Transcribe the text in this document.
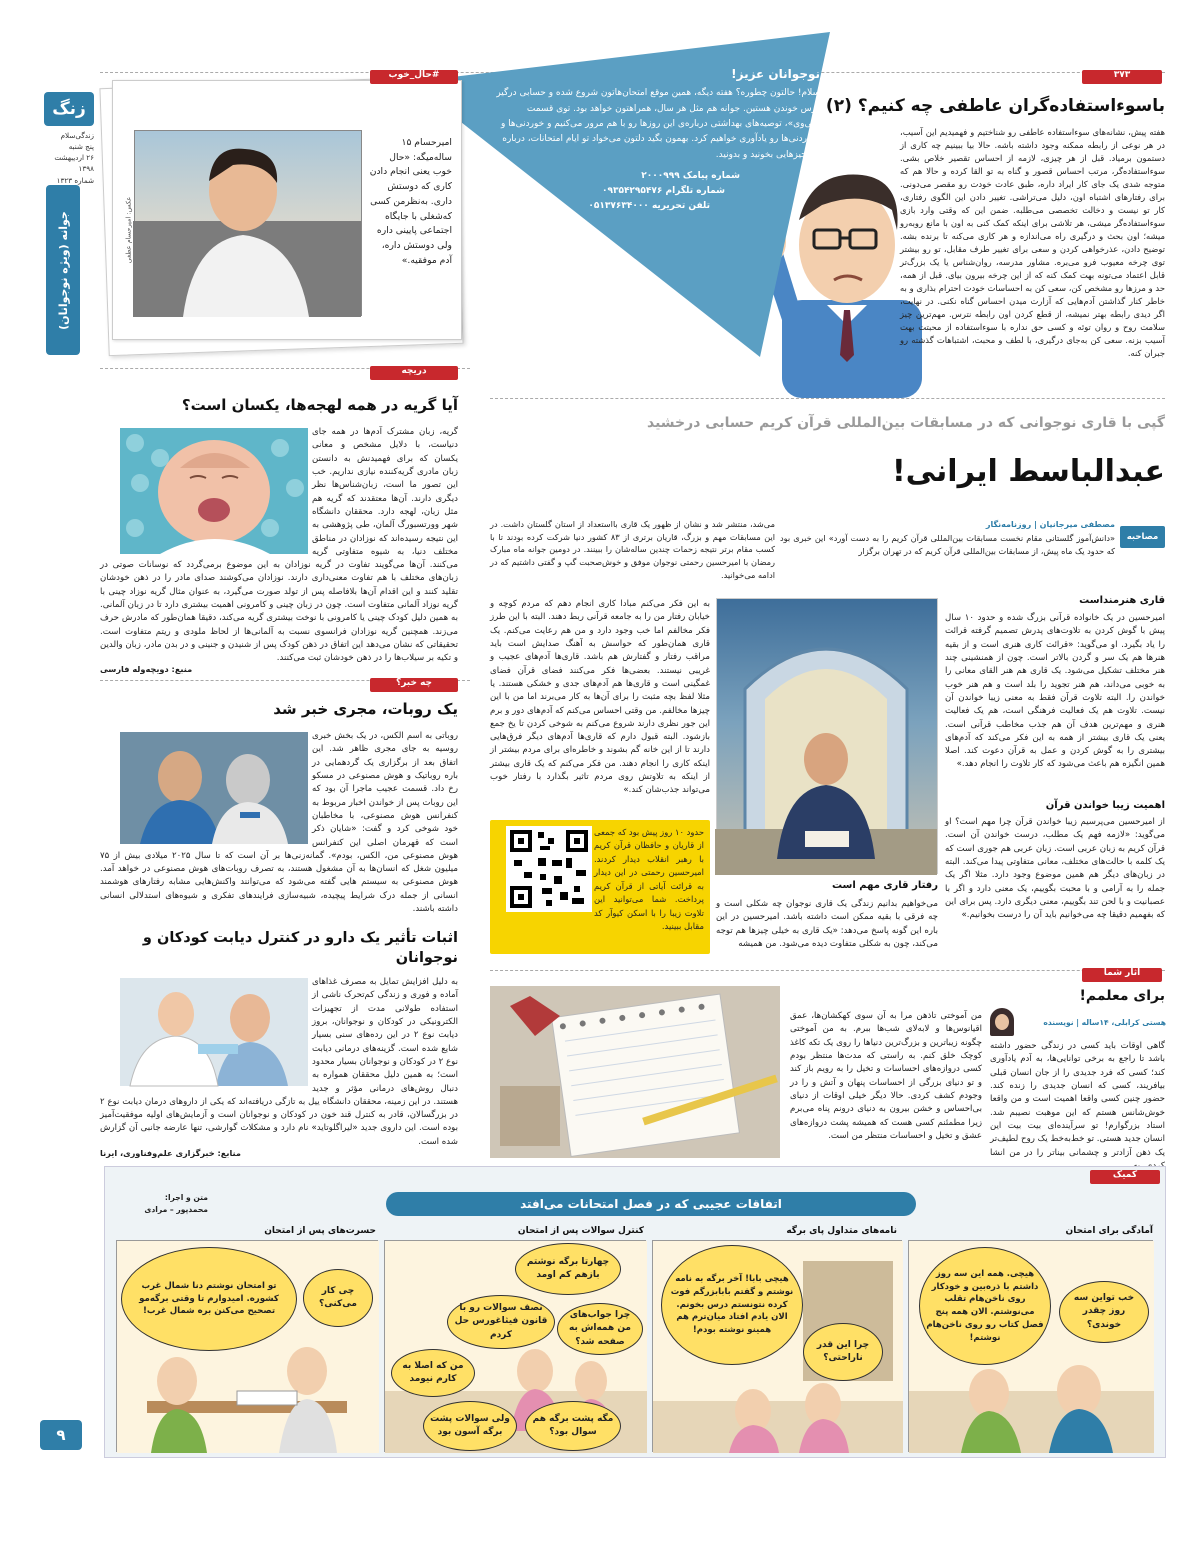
زنگ
زندگی‌سلام
پنج شنبه
۲۶ اردیبهشت ۱۳۹۸
شماره ۱۳۲۳
جوانه (ویژه نوجوانان)
۹
۳۷۳
باسوءاستفاده‌گران عاطفی چه کنیم؟ (۲)
هفته پیش، نشانه‌های سوءاستفاده عاطفی رو شناختیم و فهمیدیم این آسیب، در هر نوعی از رابطه ممکنه وجود داشته باشه. حالا بیا ببینیم چه کاری از دستمون برمیاد. قبل از هر چیزی، لازمه از احساس تقصیر خلاص بشی. سوءاستفاده‌گر، مرتب احساس قصور و گناه به تو القا کرده و حالا هم که متوجه شدی یک جای کار ایراد داره، طبق عادت خودت رو مقصر می‌دونی. برای رفتارهای اشتباه اون، دلیل می‌تراشی. تغییر دادن این الگوی رفتاری، کار تو نیست و دخالت تخصصی می‌طلبه. ضمن این که وقتی وارد بازی سوءاستفاده‌گر میشی، هر تلاشی برای اینکه کمک کنی به اون با مانع روبه‌رو میشه؛ اون بحث و درگیری راه می‌اندازه و هر کاری می‌کنه تا برنده بشه. توضیح دادن، عذرخواهی کردن و سعی برای تغییر طرف مقابل، تو رو بیشتر توی چرخه معیوب فرو می‌بره. مشاور مدرسه، روان‌شناس یا یک بزرگ‌تر قابل اعتماد می‌تونه بهت کمک کنه که از این چرخه بیرون بیای. قبل از همه، حد و مرزها رو مشخص کن، سعی کن به احساسات خودت احترام بذاری و به خاطر کنار گذاشتن آدم‌هایی که آزارت میدن احساس گناه نکنی. در نهایت، اگر دیدی رابطه بهتر نمیشه، از قطع کردن اون رابطه نترس. مهم‌ترین چیز سلامت روح و روان توئه و کسی حق نداره با سوءاستفاده از محبتت بهت آسیب بزنه. سعی کن به‌جای درگیری، با لطف و محبت، اشتباهات گذشته رو جبران کنه.
نوجوانان عزیز!
سلام! حالتون چطوره؟ هفته دیگه، همین موقع امتحان‌هاتون شروع شده و حسابی درگیر درس خوندن هستین. جوانه هم مثل هر سال، همراهتون خواهد بود. توی قسمت «پی‌وی»، توصیه‌های بهداشتی درباره‌ی این روزها رو با هم مرور می‌کنیم و خوردنی‌ها و نخوردنی‌ها رو یادآوری خواهیم کرد. بهمون بگید دلتون می‌خواد تو ایام امتحانات، درباره چه چیزهایی بخونید و بدونید.
شماره پیامک ۲۰۰۰۹۹۹
شماره تلگرام ۰۹۳۵۴۲۹۵۴۷۶
تلفن تحریریه ۰۵۱۳۷۶۳۴۰۰۰
#حال_خوب
عکس: امیرحسام عطفی
امیرحسام ۱۵ ساله‌میگه: «حال خوب یعنی انجام دادن کاری که دوستش داری. به‌نظرمن کسی که‌شغلی با جایگاه اجتماعی پایینی داره ولی دوستش داره، آدم موفقیه.»
گپی با قاری نوجوانی که در مسابقات بین‌المللی قرآن کریم حسابی درخشید
عبدالباسط ایرانی!
مصاحبه
مصطفی میرجانیان | روزنامه‌نگار
«دانش‌آموز گلستانی مقام نخست مسابقات بین‌المللی قرآن کریم را به دست آورد» این خبری بود که حدود یک ماه پیش، از مسابقات بین‌المللی قرآن کریم که در تهران برگزار
می‌شد، منتشر شد و نشان از ظهور یک قاری بااستعداد از استان گلستان داشت. در این مسابقات مهم و بزرگ، قاریان برتری از ۸۳ کشور دنیا شرکت کرده بودند تا با کسب مقام برتر نتیجه زحمات چندین ساله‌شان را ببینند. در دومین جوانه ماه مبارک رمضان با امیرحسین رحمتی نوجوان موفق و خوش‌صحبت گپ و گفتی داشتیم که در ادامه می‌خوانید.
قاری هنرمنداست
امیرحسین در یک خانواده قرآنی بزرگ شده و حدود ۱۰ سال پیش با گوش کردن به تلاوت‌های پدرش تصمیم گرفته قرائت را یاد بگیرد. او می‌گوید: «قرائت کاری هنری است و از بقیه هنرها هم یک سر و گردن بالاتر است. چون از همنشینی چند هنر مختلف تشکیل می‌شود. یک قاری هم هنر القای معانی را به خوبی می‌داند، هم هنر تجوید را بلد است و هم هنر خوب خواندن را. البته تلاوت قرآن فقط به معنی زیبا خواندن آن نیست. تلاوت هم یک فعالیت فرهنگی است، هم یک فعالیت هنری و مهم‌ترین هدف آن هم جذب مخاطب قرآنی است. یعنی یک قاری بیشتر از همه به این فکر می‌کند که آدم‌های بیشتری را به گوش کردن و عمل به قرآن دعوت کند. اصلا همین انگیزه هم باعث می‌شود که کار تلاوت را انجام دهد.»
اهمیت زیبا خواندن قرآن
از امیرحسین می‌پرسیم زیبا خواندن قرآن چرا مهم است؟ او می‌گوید: «لازمه فهم یک مطلب، درست خواندن آن است. قرآن کریم به زبان عربی است. زبان عربی هم جوری است که یک کلمه با حالت‌های مختلف، معانی متفاوتی پیدا می‌کند. البته در زبان‌های دیگر هم همین موضوع وجود دارد. مثلا اگر یک جمله را به آرامی و با محبت بگوییم، یک معنی دارد و اگر با عصبانیت و با لحن تند بگوییم، معنی دیگری دارد. پس برای این که بفهمیم دقیقا چه می‌خوانیم باید آن را درست بخوانیم.»
رفتار قاری مهم است
می‌خواهیم بدانیم زندگی یک قاری نوجوان چه شکلی است و چه فرقی با بقیه ممکن است داشته باشد. امیرحسین در این باره این گونه پاسخ می‌دهد: «یک قاری به خیلی چیزها هم توجه می‌کند، چون به شکلی متفاوت دیده می‌شود. من همیشه
به این فکر می‌کنم مبادا کاری انجام دهم که مردم کوچه و خیابان رفتار من را به جامعه قرآنی ربط دهند. البته با این طرز فکر مخالفم اما خب وجود دارد و من هم رعایت می‌کنم. یک قاری همان‌طور که حواسش به آهنگ صدایش است باید مراقب رفتار و گفتارش هم باشد. قاری‌ها آدم‌های عجیب و غریبی نیستند. بعضی‌ها فکر می‌کنند فضای قرآن فضای غمگینی است و قاری‌ها هم آدم‌های جدی و خشکی هستند. یا مثلا لفظ بچه مثبت را برای آن‌ها به کار می‌برند اما من با این چیزها مخالفم. من وقتی احساس می‌کنم که آدم‌های دور و برم این جور نظری دارند شروع می‌کنم به شوخی کردن تا یخ جمع بازشود. البته قبول دارم که قاری‌ها آدم‌های دیگر فرق‌هایی دارند تا از این خانه گم بشوند و خاطره‌ای برای مردم بیشتر از اینکه کاری را انجام دهند. من فکر می‌کنم که یک قاری بیشتر از اینکه به تلاوتش روی مردم تاثیر بگذارد با رفتار خوب می‌تواند جذب‌شان کند.»
حدود ۱۰ روز پیش بود که جمعی از قاریان و حافظان قرآن کریم با رهبر انقلاب دیدار کردند. امیرحسین رحمتی در این دیدار به قرائت آیاتی از قرآن کریم پرداخت. شما می‌توانید این تلاوت زیبا را با اسکن کیوآر کد مقابل ببینید.
دریچه
آیا گریه در همه لهجه‌ها، یکسان است؟
گریه، زبان مشترک آدم‌ها در همه جای دنیاست، با دلایل مشخص و معانی یکسان که برای فهمیدنش به دانستن زبان مادری گریه‌کننده نیازی نداریم. خب این تصور ما است، زبان‌شناس‌ها نظر دیگری دارند. آن‌ها معتقدند که گریه هم مثل زبان، لهجه دارد. محققان دانشگاه شهر وورتسبورگ آلمان، طی پژوهشی به این نتیجه رسیده‌اند که نوزادان در مناطق مختلف دنیا، به شیوه متفاوتی گریه می‌کنند. آن‌ها می‌گویند تفاوت در گریه نوزادان به این موضوع برمی‌گردد که نوسانات صوتی در زبان‌های مختلف با هم تفاوت معنی‌داری دارند. نوزادان می‌کوشند صدای مادر را در ذهن خودشان تقلید کنند و این اقدام آن‌ها بلافاصله پس از تولد صورت می‌گیرد، به عنوان مثال گریه نوزاد چینی با گریه نوزاد آلمانی متفاوت است. چون در زبان چینی و کامرونی اهمیت بیشتری دارد تا در زبان آلمانی. به همین دلیل کودک چینی یا کامرونی با نوخت بیشتری گریه می‌کند، دقیقا همان‌طور که مادرش حرف می‌زند. همچنین گریه نوزادان فرانسوی نسبت به آلمانی‌ها از لحاظ ملودی و ریتم متفاوت است. تحقیقاتی که نشان می‌دهد این اتفاق در ذهن کودک پس از شنیدن و جنینی و در بدن مادر، زبان والدین و تکیه بر سیلاب‌ها را در ذهن خودشان ثبت می‌کنند.
منبع: دویچه‌وله فارسی
چه خبر؟
یک روبات، مجری خبر شد
روباتی به اسم الکس، در یک بخش خبری روسیه به جای مجری ظاهر شد. این اتفاق بعد از برگزاری یک گردهمایی در باره روباتیک و هوش مصنوعی در مسکو رخ داد. قسمت عجیب ماجرا آن بود که این روبات پس از خواندن اخبار مربوط به کنفرانس هوش مصنوعی، با مخاطبان خود شوخی کرد و گفت: «شایان ذکر است که قهرمان اصلی این کنفرانس هوش مصنوعی من، الکس، بودم». گمانه‌زنی‌ها بر آن است که تا سال ۲۰۲۵ میلادی بیش از ۷۵ میلیون شغل که انسان‌ها به آن مشغول هستند، به تصرف روبات‌های هوش مصنوعی در خواهد آمد. هوش مصنوعی به سیستم هایی گفته می‌شود که می‌توانند واکنش‌هایی مشابه رفتارهای هوشمند انسانی از جمله درک شرایط پیچیده، شبیه‌سازی فرایندهای تفکری و شیوه‌های استدلالی انسانی داشته باشند.
اثبات تأثیر یک دارو در کنترل دیابت کودکان و نوجوانان
به دلیل افزایش تمایل به مصرف غذاهای آماده و فوری و زندگی کم‌تحرک ناشی از استفاده طولانی مدت از تجهیزات الکترونیکی در کودکان و نوجوانان، بروز دیابت نوع ۲ در این رده‌های سنی بسیار شایع شده است. گزینه‌های درمانی دیابت نوع ۲ در کودکان و نوجوانان بسیار محدود است؛ به همین دلیل محققان همواره به دنبال روش‌های درمانی مؤثر و جدید هستند. در این زمینه، محققان دانشگاه ییل به تازگی دریافته‌اند که یکی از داروهای درمان دیابت نوع ۲ در بزرگسالان، قادر به کنترل قند خون در کودکان و نوجوانان است و آزمایش‌های اولیه موفقیت‌آمیز بوده است. این داروی جدید «لیراگلوتاید» نام دارد و مشکلات گوارشی، تنها عارضه جانبی آن گزارش شده است.
منابع: خبرگزاری علم‌وفناوری، ایرنا
آثار شما
برای معلمم!
هستی کرابلی، ۱۴ساله | نویسنده
گاهی اوقات باید کسی در زندگی حضور داشته باشد تا راجع به برخی توانایی‌ها، به آدم یادآوری کند؛ کسی که فرد جدیدی را از جان انسان قبلی بیافریند، کسی که انسان جدیدی را زنده کند. حضور چنین کسی واقعا اهمیت است و من واقعا خوش‌شانس هستم که این موهبت نصیبم شد. استاد بزرگوارم! تو سرآینده‌ای بیت بیت این انسان جدید هستی. تو خط‌به‌خط یک روح لطیف‌تر یک ذهن آزادتر و چشمانی بیناتر را در من انشا
من آموختی تاذهن مرا به آن سوی کهکشان‌ها، عمق اقیانوس‌ها و لابه‌لای شب‌ها ببرم. به من آموختی چگونه زیباترین و بزرگ‌ترین دنیاها را روی یک تکه کاغذ کوچک خلق کنم. به راستی که مدت‌ها منتظر بودم کسی دروازه‌های احساسات و تخیل را به رویم باز کند و تو دنیای بزرگی از احساسات پنهان و آتش و را در وجودم کشف کردی. حالا دیگر خیلی اوقات از دنیای بی‌احساس و خشن بیرون به دنیای درونم پناه می‌برم زیرا مطمئنم کسی هست که همیشه پشت دروازه‌های عشق و تخیل و احساسات منتظر من است.
کمیک
اتفاقات عجیبی که در فصل امتحانات می‌افتد
متن و اجرا:
محمدپور – مرادی
آمادگی برای امتحان
خب تواین سه روز چقدر خوندی؟
هیچی. همه این سه روز داشتم با ذره‌بین و خودکار روی ناخن‌هام تقلب می‌نوشتم. الان همه پنج فصل کتاب رو روی ناخن‌هام نوشتم!
نامه‌های متداول پای برگه
چرا این قدر ناراحتی؟
هیچی بابا! آخر برگه به نامه نوشتم و گفتم بابابزرگم فوت کرده نتونستم درس بخونم. الان یادم افتاد میان‌ترم هم همینو نوشته بودم!
کنترل سوالات پس از امتحان
چهارتا برگه نوشتم بازهم کم اومد
چرا جواب‌های من همه‌اش به صفحه شد؟
نصف سوالات رو با قانون فیثاغورس حل کردم
من که اصلا به کارم نیومد
مگه پشت برگه هم سوال بود؟
ولی سوالات پشت برگه آسون بود
حسرت‌های پس از امتحان
چی کار می‌کنی؟
تو امتحان نوشتم دنا شمال غرب کشوره. امیدوارم تا وقتی برگه‌مو تصحیح می‌کنن بره شمال غرب!
